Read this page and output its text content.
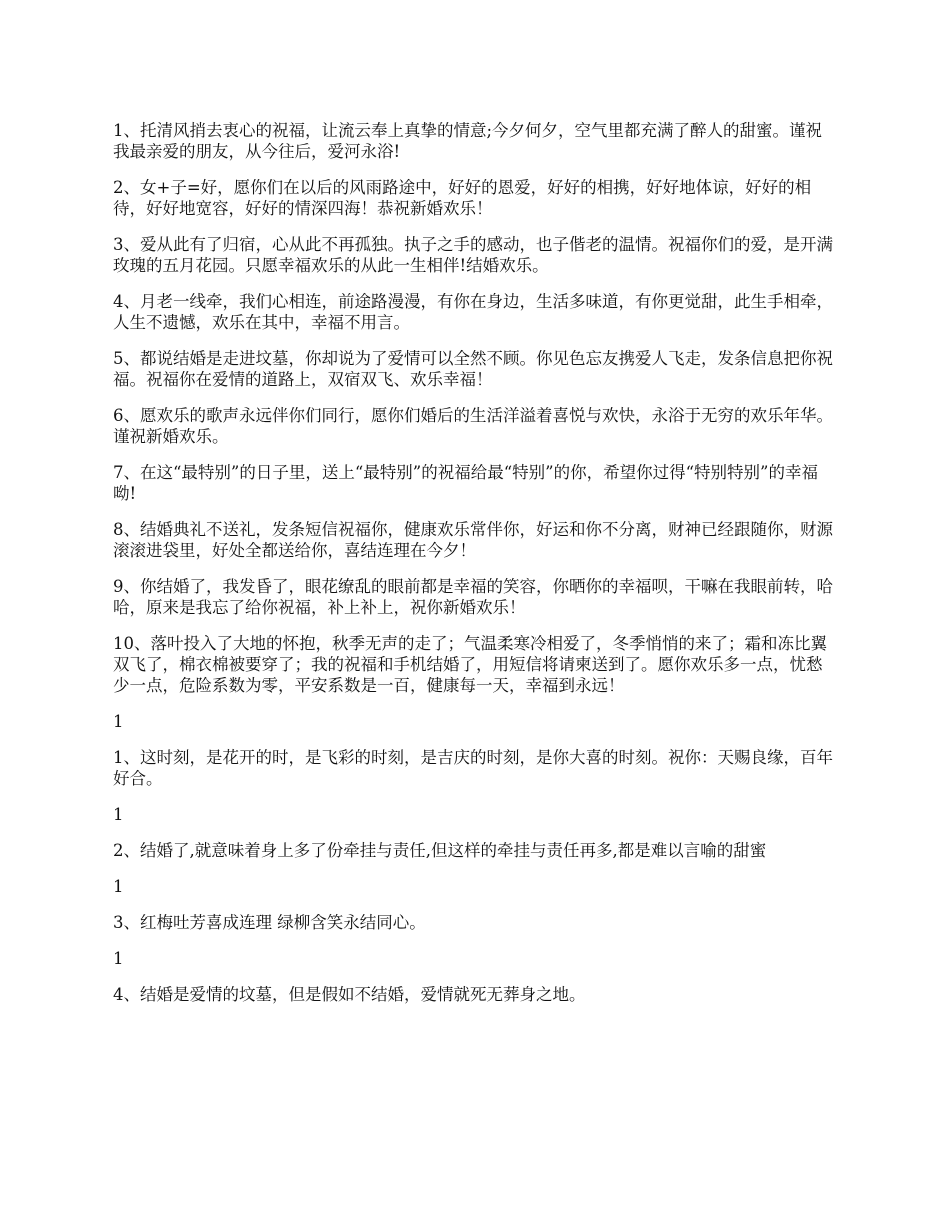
1、托清风捎去衷心的祝福，让流云奉上真挚的情意;今夕何夕，空气里都充满了醉人的甜蜜。谨祝我最亲爱的朋友，从今往后，爱河永浴!

2、女+子=好，愿你们在以后的风雨路途中，好好的恩爱，好好的相携，好好地体谅，好好的相待，好好地宽容，好好的情深四海！恭祝新婚欢乐！

3、爱从此有了归宿，心从此不再孤独。执子之手的感动，也子偕老的温情。祝福你们的爱，是开满玫瑰的五月花园。只愿幸福欢乐的从此一生相伴!结婚欢乐。

4、月老一线牵，我们心相连，前途路漫漫，有你在身边，生活多味道，有你更觉甜，此生手相牵，人生不遗憾，欢乐在其中，幸福不用言。

5、都说结婚是走进坟墓，你却说为了爱情可以全然不顾。你见色忘友携爱人飞走，发条信息把你祝福。祝福你在爱情的道路上，双宿双飞、欢乐幸福！

6、愿欢乐的歌声永远伴你们同行，愿你们婚后的生活洋溢着喜悦与欢快，永浴于无穷的欢乐年华。谨祝新婚欢乐。

7、在这“最特别”的日子里，送上“最特别”的祝福给最“特别”的你，希望你过得“特别特别”的幸福呦!

8、结婚典礼不送礼，发条短信祝福你，健康欢乐常伴你，好运和你不分离，财神已经跟随你，财源滚滚进袋里，好处全都送给你，喜结连理在今夕！

9、你结婚了，我发昏了，眼花缭乱的眼前都是幸福的笑容，你晒你的幸福呗，干嘛在我眼前转，哈哈，原来是我忘了给你祝福，补上补上，祝你新婚欢乐！

10、落叶投入了大地的怀抱，秋季无声的走了；气温柔寒冷相爱了，冬季悄悄的来了；霜和冻比翼双飞了，棉衣棉被要穿了；我的祝福和手机结婚了，用短信将请柬送到了。愿你欢乐多一点，忧愁少一点，危险系数为零，平安系数是一百，健康每一天，幸福到永远！

1

1、这时刻，是花开的时，是飞彩的时刻，是吉庆的时刻，是你大喜的时刻。祝你：天赐良缘，百年好合。

1

2、结婚了,就意味着身上多了份牵挂与责任,但这样的牵挂与责任再多,都是难以言喻的甜蜜

1

3、红梅吐芳喜成连理 绿柳含笑永结同心。

1

4、结婚是爱情的坟墓，但是假如不结婚，爱情就死无葬身之地。
